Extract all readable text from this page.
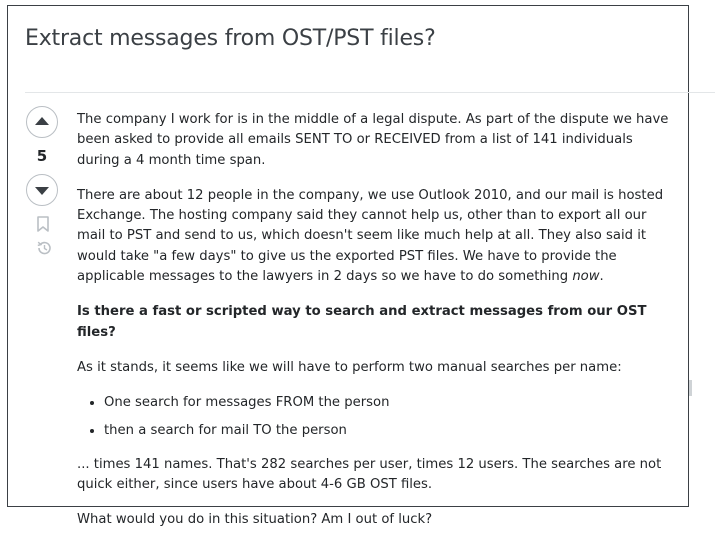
Extract messages from OST/PST files?
5

The company I work for is in the middle of a legal dispute. As part of the dispute we have been asked to provide all emails SENT TO or RECEIVED from a list of 141 individuals during a 4 month time span.

There are about 12 people in the company, we use Outlook 2010, and our mail is hosted Exchange. The hosting company said they cannot help us, other than to export all our mail to PST and send to us, which doesn't seem like much help at all. They also said it would take "a few days" to give us the exported PST files. We have to provide the applicable messages to the lawyers in 2 days so we have to do something now.

Is there a fast or scripted way to search and extract messages from our OST files?

As it stands, it seems like we will have to perform two manual searches per name:

• One search for messages FROM the person
• then a search for mail TO the person

... times 141 names. That's 282 searches per user, times 12 users. The searches are not quick either, since users have about 4-6 GB OST files.

What would you do in this situation? Am I out of luck?
